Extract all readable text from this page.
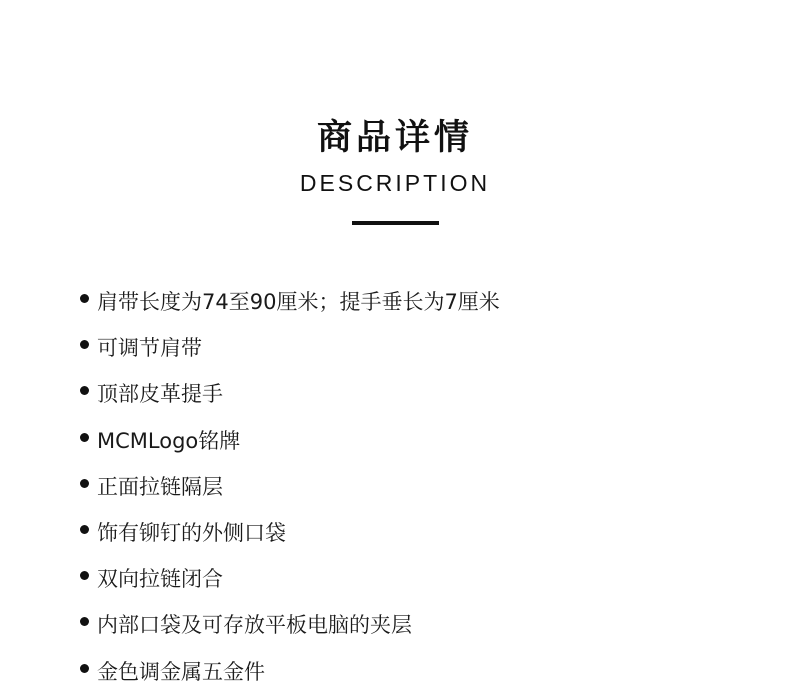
商品详情
DESCRIPTION
肩带长度为74至90厘米；提手垂长为7厘米
可调节肩带
顶部皮革提手
MCMLogo铭牌
正面拉链隔层
饰有铆钉的外侧口袋
双向拉链闭合
内部口袋及可存放平板电脑的夹层
金色调金属五金件
